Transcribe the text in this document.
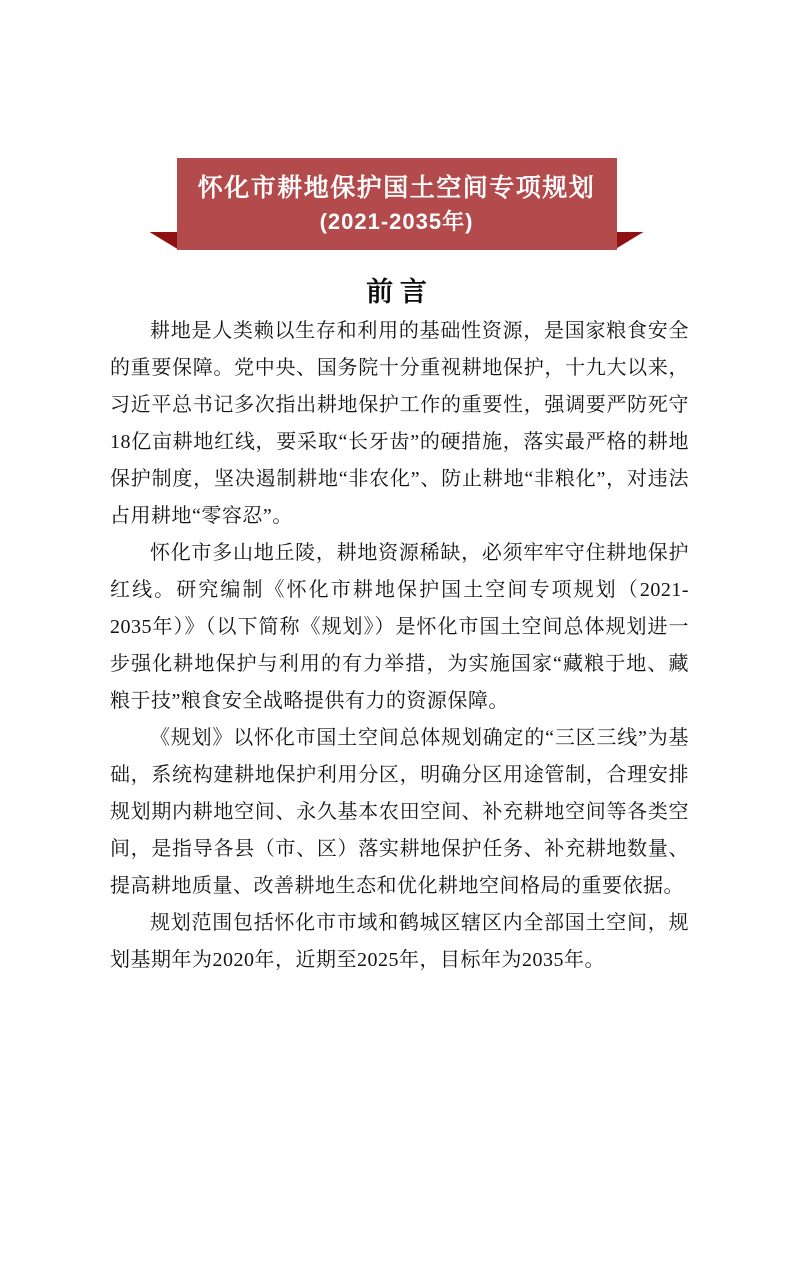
怀化市耕地保护国土空间专项规划
(2021-2035年)
前 言

耕地是人类赖以生存和利用的基础性资源，是国家粮食安全的重要保障。党中央、国务院十分重视耕地保护，十九大以来，习近平总书记多次指出耕地保护工作的重要性，强调要严防死守18亿亩耕地红线，要采取“长牙齿”的硬措施，落实最严格的耕地保护制度，坚决遏制耕地“非农化”、防止耕地“非粮化”，对违法占用耕地“零容忍”。

怀化市多山地丘陵，耕地资源稀缺，必须牢牢守住耕地保护红线。研究编制《怀化市耕地保护国土空间专项规划（2021-2035年）》（以下简称《规划》）是怀化市国土空间总体规划进一步强化耕地保护与利用的有力举措，为实施国家“藏粮于地、藏粮于技”粮食安全战略提供有力的资源保障。

《规划》以怀化市国土空间总体规划确定的“三区三线”为基础，系统构建耕地保护利用分区，明确分区用途管制，合理安排规划期内耕地空间、永久基本农田空间、补充耕地空间等各类空间，是指导各县（市、区）落实耕地保护任务、补充耕地数量、提高耕地质量、改善耕地生态和优化耕地空间格局的重要依据。

规划范围包括怀化市市域和鹤城区辖区内全部国土空间，规划基期年为2020年，近期至2025年，目标年为2035年。
